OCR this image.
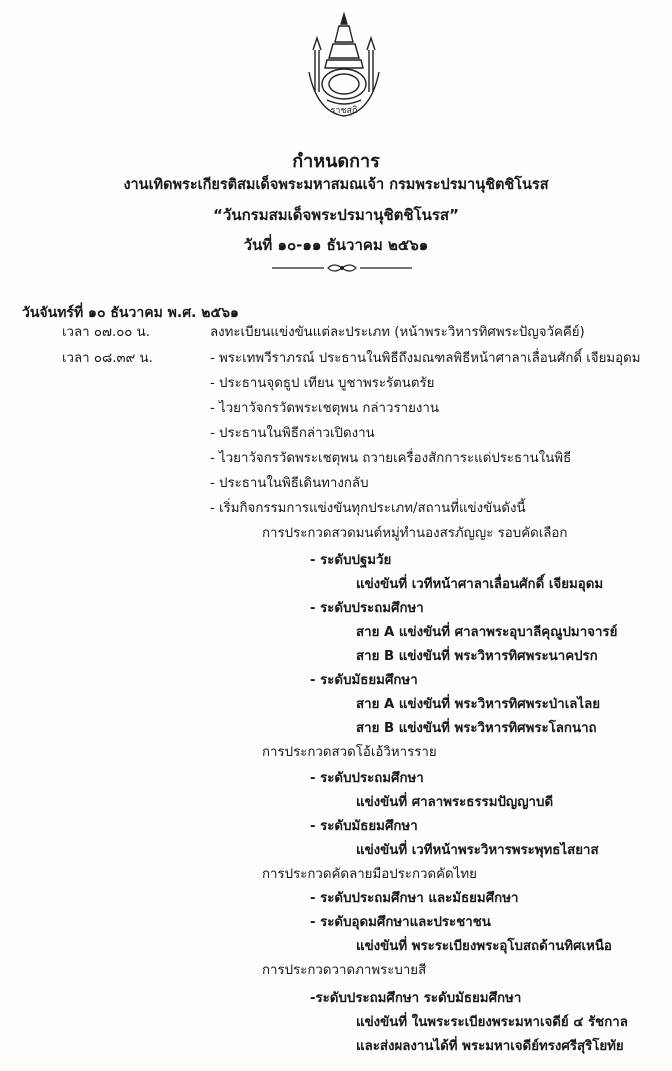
ราชสุกิ
กำหนดการ
งานเทิดพระเกียรติสมเด็จพระมหาสมณเจ้า กรมพระปรมานุชิตชิโนรส
“วันกรมสมเด็จพระปรมานุชิตชิโนรส”
วันที่ ๑๐-๑๑ ธันวาคม ๒๕๖๑
วันจันทร์ที่ ๑๐ ธันวาคม พ.ศ. ๒๕๖๑
เวลา ๐๗.๐๐ น.	ลงทะเบียนแข่งขันแต่ละประเภท (หน้าพระวิหารทิศพระปัญจวัคคีย์)
เวลา ๐๘.๓๙ น.	- พระเทพวีราภรณ์ ประธานในพิธีถึงมณฑลพิธีหน้าศาลาเลื่อนศักดิ์ เจียมอุดม
- ประธานจุดธูป เทียน บูชาพระรัตนตรัย
- ไวยาวัจกรวัดพระเชตุพน กล่าวรายงาน
- ประธานในพิธีกล่าวเปิดงาน
- ไวยาวัจกรวัดพระเชตุพน ถวายเครื่องสักการะแด่ประธานในพิธี
- ประธานในพิธีเดินทางกลับ
- เริ่มกิจกรรมการแข่งขันทุกประเภท/สถานที่แข่งขันดังนี้
การประกวดสวดมนต์หมู่ทำนองสรภัญญะ รอบคัดเลือก
- ระดับปฐมวัย
แข่งขันที่ เวทีหน้าศาลาเลื่อนศักดิ์ เจียมอุดม
- ระดับประถมศึกษา
สาย A แข่งขันที่ ศาลาพระอุบาลีคุณูปมาจารย์
สาย B แข่งขันที่ พระวิหารทิศพระนาคปรก
- ระดับมัธยมศึกษา
สาย A แข่งขันที่ พระวิหารทิศพระป่าเลไลย
สาย B แข่งขันที่ พระวิหารทิศพระโลกนาถ
การประกวดสวดโอ้เอ้วิหารราย
- ระดับประถมศึกษา
แข่งขันที่ ศาลาพระธรรมปัญญาบดี
- ระดับมัธยมศึกษา
แข่งขันที่ เวทีหน้าพระวิหารพระพุทธไสยาส
การประกวดคัดลายมือประกวดคัดไทย
- ระดับประถมศึกษา และมัธยมศึกษา
- ระดับอุดมศึกษาและประชาชน
แข่งขันที่ พระระเบียงพระอุโบสถด้านทิศเหนือ
การประกวดวาดภาพระบายสี
-ระดับประถมศึกษา ระดับมัธยมศึกษา
แข่งขันที่ ในพระระเบียงพระมหาเจดีย์ ๔ รัชกาล
และส่งผลงานได้ที่ พระมหาเจดีย์ทรงศรีสุริโยทัย
